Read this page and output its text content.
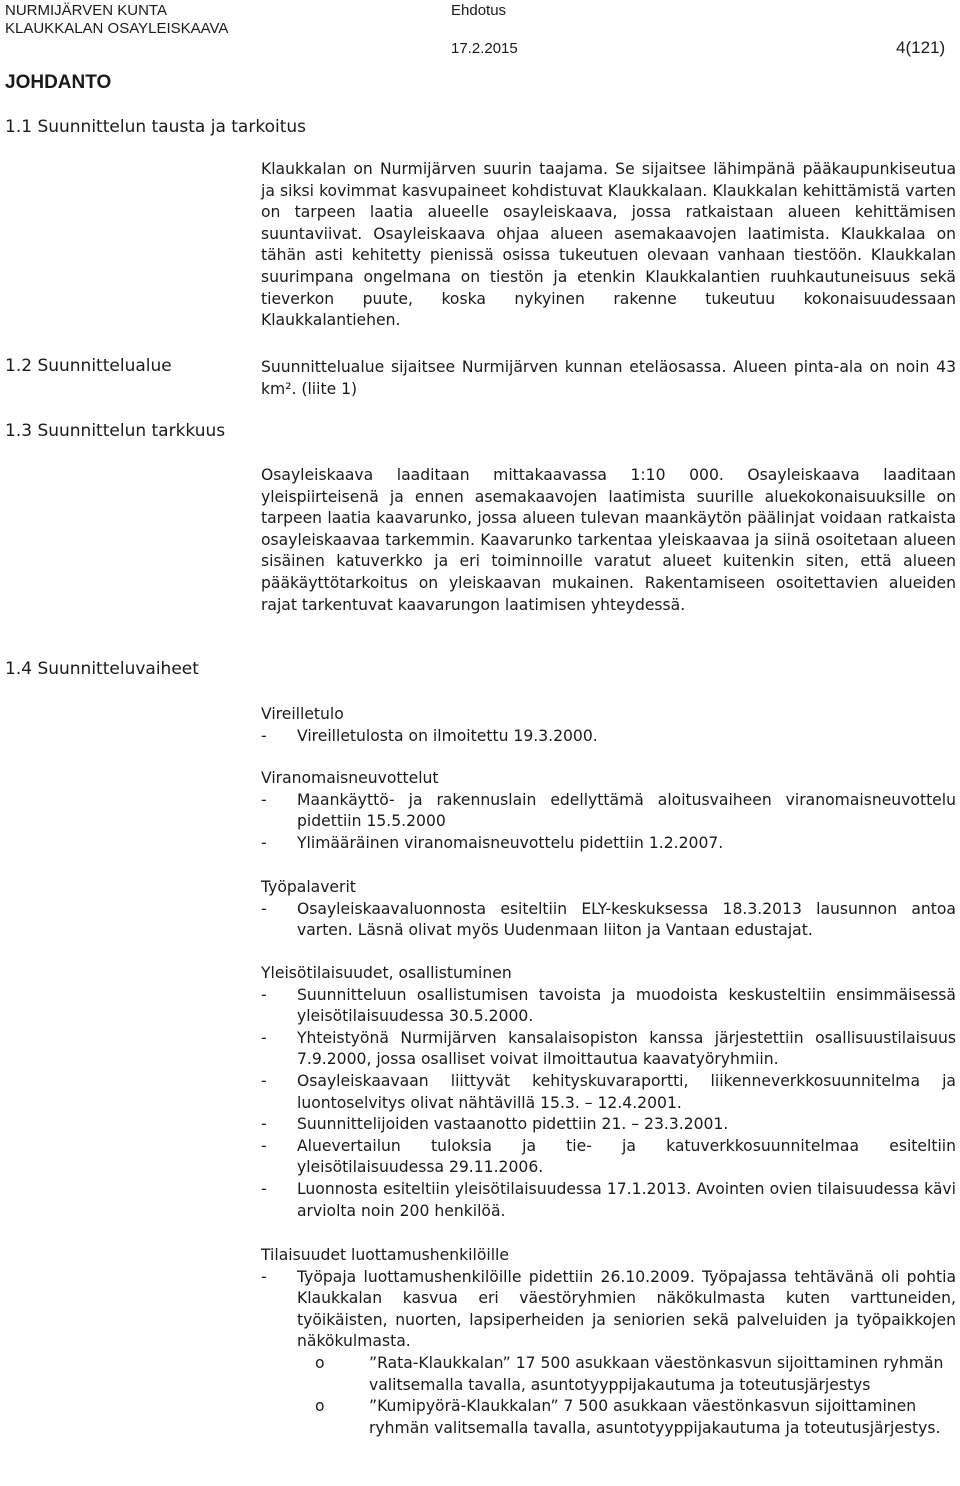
NURMIJÄRVEN KUNTA
KLAUKKALAN OSAYLEISKAAVA
Ehdotus
17.2.2015	4(121)
JOHDANTO
1.1 Suunnittelun tausta ja tarkoitus

Klaukkalan on Nurmijärven suurin taajama. Se sijaitsee lähimpänä pääkaupunkiseutua ja siksi kovimmat kasvupaineet kohdistuvat Klaukkalaan. Klaukkalan kehittämistä varten on tarpeen laatia alueelle osayleiskaava, jossa ratkaistaan alueen kehittämisen suuntaviivat. Osayleiskaava ohjaa alueen asemakaavojen laatimista. Klaukkalaa on tähän asti kehitetty pienissä osissa tukeutuen olevaan vanhaan tiestöön. Klaukkalan suurimpana ongelmana on tiestön ja etenkin Klaukkalantien ruuhkautuneisuus sekä tieverkon puute, koska nykyinen rakenne tukeutuu kokonaisuudessaan Klaukkalantiehen.

1.2 Suunnittelualue	Suunnittelualue sijaitsee Nurmijärven kunnan eteläosassa. Alueen pinta-ala on noin 43 km². (liite 1)

1.3 Suunnittelun tarkkuus

Osayleiskaava laaditaan mittakaavassa 1:10 000. Osayleiskaava laaditaan yleispiirteisenä ja ennen asemakaavojen laatimista suurille aluekokonaisuuksille on tarpeen laatia kaavarunko, jossa alueen tulevan maankäytön päälinjat voidaan ratkaista osayleiskaavaa tarkemmin. Kaavarunko tarkentaa yleiskaavaa ja siinä osoitetaan alueen sisäinen katuverkko ja eri toiminnoille varatut alueet kuitenkin siten, että alueen pääkäyttötarkoitus on yleiskaavan mukainen. Rakentamiseen osoitettavien alueiden rajat tarkentuvat kaavarungon laatimisen yhteydessä.

1.4 Suunnitteluvaiheet

Vireilletulo

- Vireilletulosta on ilmoitettu 19.3.2000.

Viranomaisneuvottelut

- Maankäyttö- ja rakennuslain edellyttämä aloitusvaiheen viranomaisneuvottelu pidettiin 15.5.2000
- Ylimääräinen viranomaisneuvottelu pidettiin 1.2.2007.

Työpalaverit

- Osayleiskaavaluonnosta esiteltiin ELY-keskuksessa 18.3.2013 lausunnon antoa varten. Läsnä olivat myös Uudenmaan liiton ja Vantaan edustajat.

Yleisötilaisuudet, osallistuminen

- Suunnitteluun osallistumisen tavoista ja muodoista keskusteltiin ensimmäisessä yleisötilaisuudessa 30.5.2000.
- Yhteistyönä Nurmijärven kansalaisopiston kanssa järjestettiin osallisuustilaisuus 7.9.2000, jossa osalliset voivat ilmoittautua kaavatyöryhmiin.
- Osayleiskaavaan liittyvät kehityskuvaraportti, liikenneverkkosuunnitelma ja luontoselvitys olivat nähtävillä 15.3. – 12.4.2001.
- Suunnittelijoiden vastaanotto pidettiin 21. – 23.3.2001.
- Aluevertailun tuloksia ja tie- ja katuverkkosuunnitelmaa esiteltiin yleisötilaisuudessa 29.11.2006.
- Luonnosta esiteltiin yleisötilaisuudessa 17.1.2013. Avointen ovien tilaisuudessa kävi arviolta noin 200 henkilöä.

Tilaisuudet luottamushenkilöille

- Työpaja luottamushenkilöille pidettiin 26.10.2009. Työpajassa tehtävänä oli pohtia Klaukkalan kasvua eri väestöryhmien näkökulmasta kuten varttuneiden, työikäisten, nuorten, lapsiperheiden ja seniorien sekä palveluiden ja työpaikkojen näkökulmasta.
o ”Rata-Klaukkalan” 17 500 asukkaan väestönkasvun sijoittaminen ryhmän valitsemalla tavalla, asuntotyyppijakautuma ja toteutusjärjestys
o ”Kumipyörä-Klaukkalan” 7 500 asukkaan väestönkasvun sijoittaminen ryhmän valitsemalla tavalla, asuntotyyppijakautuma ja toteutusjärjestys.
